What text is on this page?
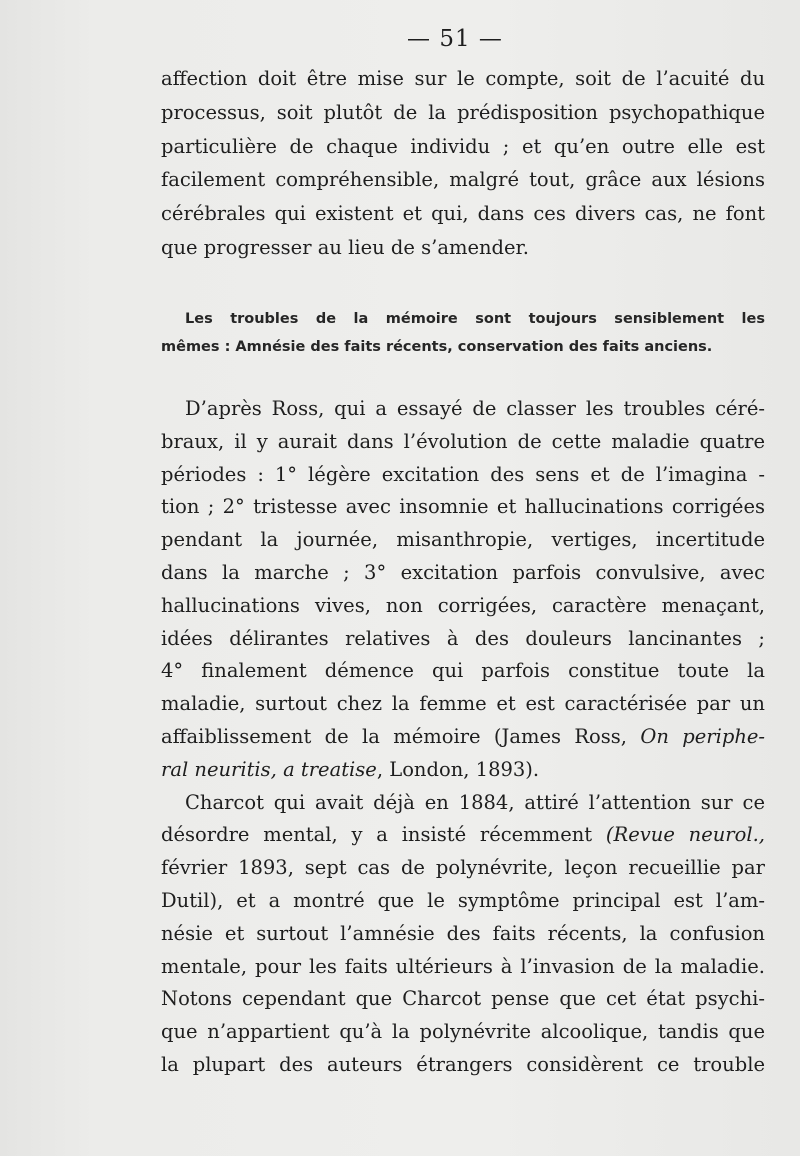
— 51 —

affection doit être mise sur le compte, soit de l’acuité du
processus, soit plutôt de la prédisposition psychopathique
particulière de chaque individu ; et qu’en outre elle est
facilement compréhensible, malgré tout, grâce aux lésions
cérébrales qui existent et qui, dans ces divers cas, ne font
que progresser au lieu de s’amender.

Les troubles de la mémoire sont toujours sensiblement les
mêmes : Amnésie des faits récents, conservation des faits anciens.

D’après Ross, qui a essayé de classer les troubles céré-
braux, il y aurait dans l’évolution de cette maladie quatre
périodes : 1° légère excitation des sens et de l’imagina -
tion ; 2° tristesse avec insomnie et hallucinations corrigées
pendant la journée, misanthropie, vertiges, incertitude
dans la marche ; 3° excitation parfois convulsive, avec
hallucinations vives, non corrigées, caractère menaçant,
idées délirantes relatives à des douleurs lancinantes ;
4° finalement démence qui parfois constitue toute la
maladie, surtout chez la femme et est caractérisée par un
affaiblissement de la mémoire (James Ross, On periphe-
ral neuritis, a treatise, London, 1893).
Charcot qui avait déjà en 1884, attiré l’attention sur ce
désordre mental, y a insisté récemment (Revue neurol.,
février 1893, sept cas de polynévrite, leçon recueillie par
Dutil), et a montré que le symptôme principal est l’am-
nésie et surtout l’amnésie des faits récents, la confusion
mentale, pour les faits ultérieurs à l’invasion de la maladie.
Notons cependant que Charcot pense que cet état psychi-
que n’appartient qu’à la polynévrite alcoolique, tandis que
la plupart des auteurs étrangers considèrent ce trouble
